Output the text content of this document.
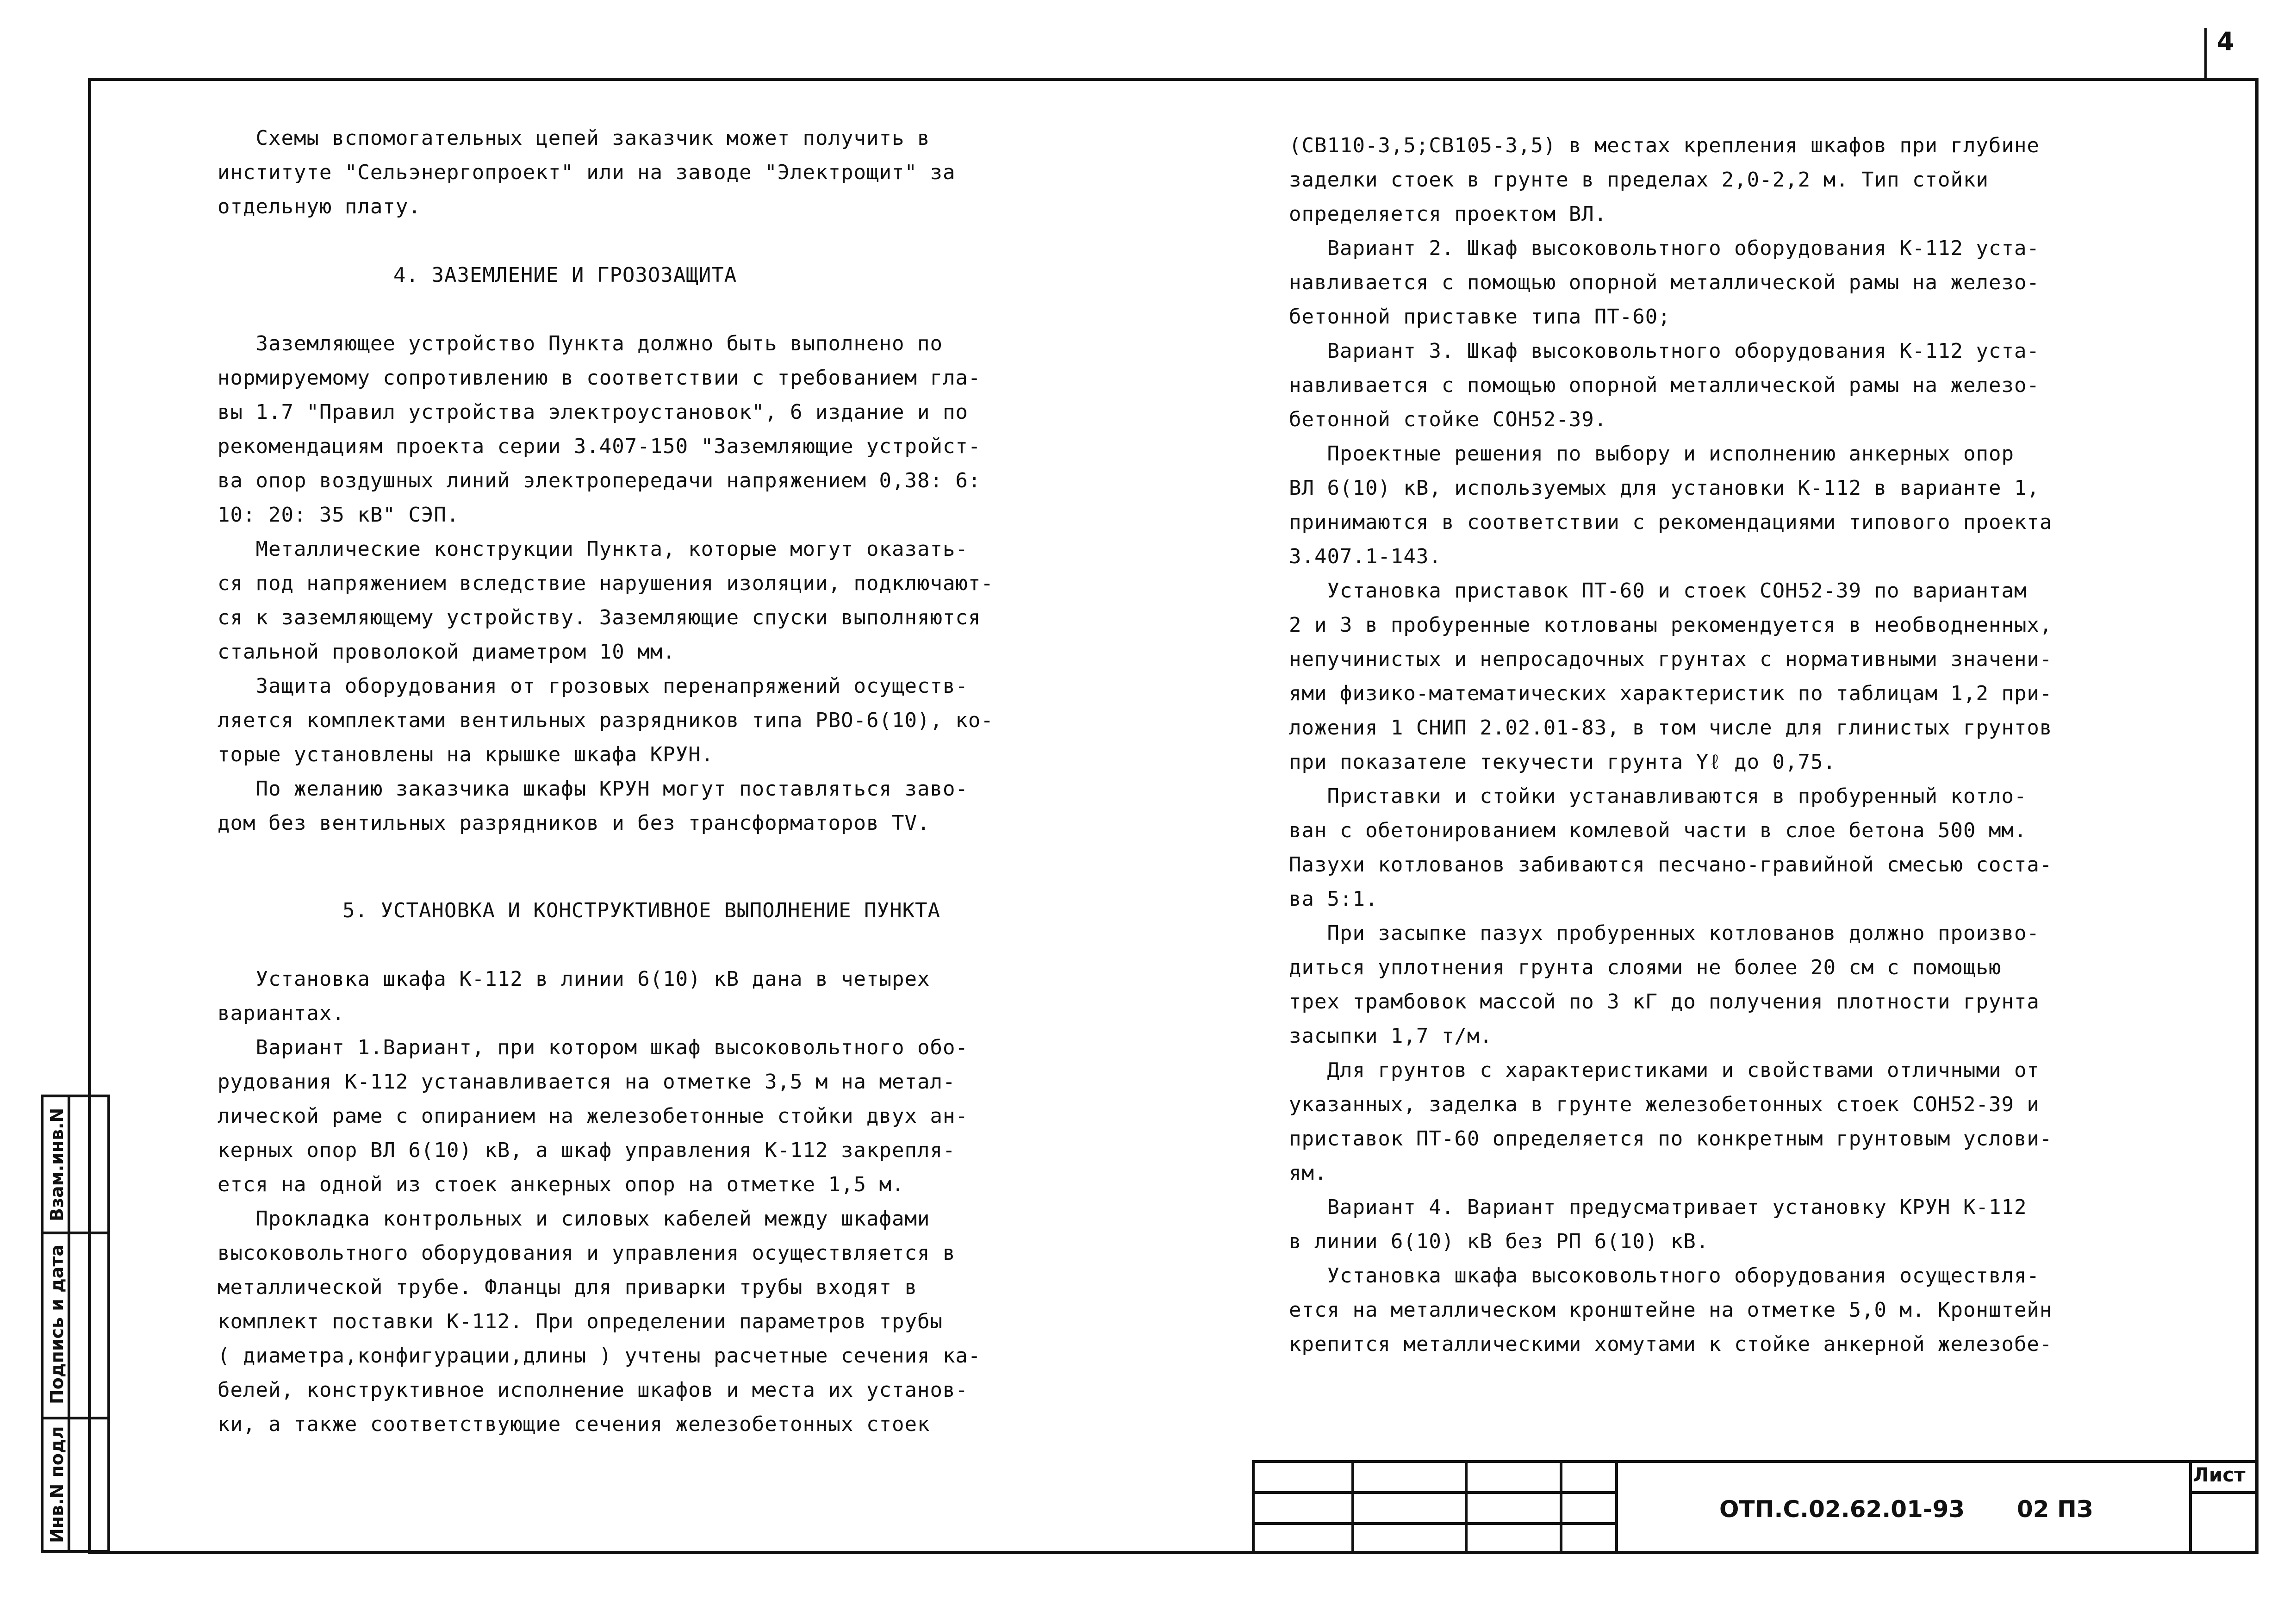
4
Схемы вспомогательных цепей заказчик может получить в
институте "Сельэнергопроект" или на заводе "Электрощит" за
отдельную плату.
4. ЗАЗЕМЛЕНИЕ И ГРОЗОЗАЩИТА
Заземляющее устройство Пункта должно быть выполнено по
нормируемому сопротивлению в соответствии с требованием гла-
вы 1.7 "Правил устройства электроустановок", 6 издание и по
рекомендациям проекта серии 3.407-150 "Заземляющие устройст-
ва опор воздушных линий электропередачи напряжением 0,38: 6:
10: 20: 35 кВ" СЭП.
Металлические конструкции Пункта, которые могут оказать-
ся под напряжением вследствие нарушения изоляции, подключают-
ся к заземляющему устройству. Заземляющие спуски выполняются
стальной проволокой диаметром 10 мм.
Защита оборудования от грозовых перенапряжений осуществ-
ляется комплектами вентильных разрядников типа РВО-6(10), ко-
торые установлены на крышке шкафа КРУН.
По желанию заказчика шкафы КРУН могут поставляться заво-
дом без вентильных разрядников и без трансформаторов TV.
5. УСТАНОВКА И КОНСТРУКТИВНОЕ ВЫПОЛНЕНИЕ ПУНКТА
Установка шкафа К-112 в линии 6(10) кВ дана в четырех
вариантах.
Вариант 1.Вариант, при котором шкаф высоковольтного обо-
рудования К-112 устанавливается на отметке 3,5 м на метал-
лической раме с опиранием на железобетонные стойки двух ан-
керных опор ВЛ 6(10) кВ, а шкаф управления К-112 закрепля-
ется на одной из стоек анкерных опор на отметке 1,5 м.
Прокладка контрольных и силовых кабелей между шкафами
высоковольтного оборудования и управления осуществляется в
металлической трубе. Фланцы для приварки трубы входят в
комплект поставки К-112. При определении параметров трубы
( диаметра,конфигурации,длины ) учтены расчетные сечения ка-
белей, конструктивное исполнение шкафов и места их установ-
ки, а также соответствующие сечения железобетонных стоек
(СВ110-3,5;СВ105-3,5) в местах крепления шкафов при глубине
заделки стоек в грунте в пределах 2,0-2,2 м. Тип стойки
определяется проектом ВЛ.
Вариант 2. Шкаф высоковольтного оборудования К-112 уста-
навливается с помощью опорной металлической рамы на железо-
бетонной приставке типа ПТ-60;
Вариант 3. Шкаф высоковольтного оборудования К-112 уста-
навливается с помощью опорной металлической рамы на железо-
бетонной стойке СОН52-39.
Проектные решения по выбору и исполнению анкерных опор
ВЛ 6(10) кВ, используемых для установки К-112 в варианте 1,
принимаются в соответствии с рекомендациями типового проекта
3.407.1-143.
Установка приставок ПТ-60 и стоек СОН52-39 по вариантам
2 и 3 в пробуренные котлованы рекомендуется в необводненных,
непучинистых и непросадочных грунтах с нормативными значени-
ями физико-математических характеристик по таблицам 1,2 при-
ложения 1 СНИП 2.02.01-83, в том числе для глинистых грунтов
при показателе текучести грунта Yℓ до 0,75.
Приставки и стойки устанавливаются в пробуренный котло-
ван с обетонированием комлевой части в слое бетона 500 мм.
Пазухи котлованов забиваются песчано-гравийной смесью соста-
ва 5:1.
При засыпке пазух пробуренных котлованов должно произво-
диться уплотнения грунта слоями не более 20 см с помощью
трех трамбовок массой по 3 кГ до получения плотности грунта
засыпки 1,7 т/м.
Для грунтов с характеристиками и свойствами отличными от
указанных, заделка в грунте железобетонных стоек СОН52-39 и
приставок ПТ-60 определяется по конкретным грунтовым услови-
ям.
Вариант 4. Вариант предусматривает установку КРУН К-112
в линии 6(10) кВ без РП 6(10) кВ.
Установка шкафа высоковольтного оборудования осуществля-
ется на металлическом кронштейне на отметке 5,0 м. Кронштейн
крепится металлическими хомутами к стойке анкерной железобе-
Инв.N подл
Подпись и дата
Взам.инв.N
ОТП.С.02.62.01-93 02 ПЗ
Лист
